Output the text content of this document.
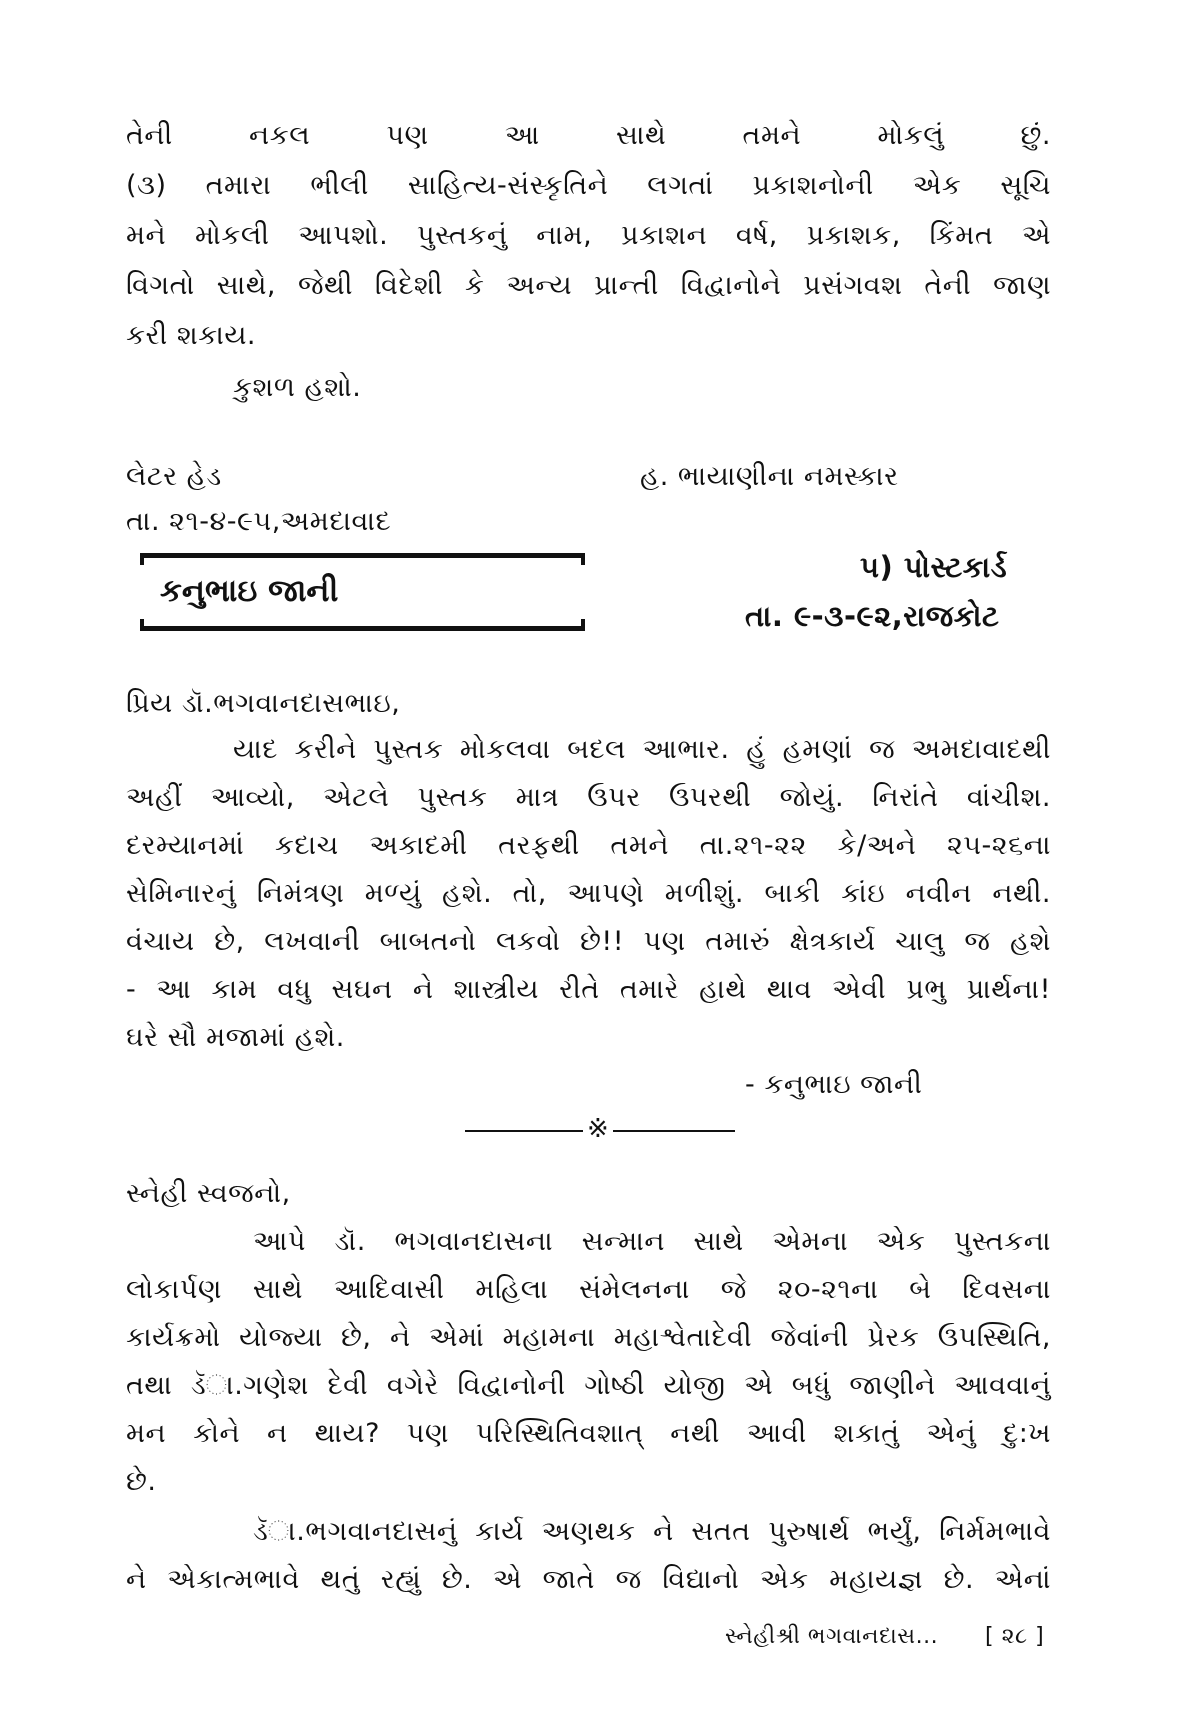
તેની નકલ પણ આ સાથે તમને મોકલું છું.
(૩) તમારા ભીલી સાહિત્ય-સંસ્કૃતિને લગતાં પ્રકાશનોની એક સૂચિ
મને મોકલી આપશો. પુસ્તકનું નામ, પ્રકાશન વર્ષ, પ્રકાશક, કિંમત એ
વિગતો સાથે, જેથી વિદેશી કે અન્ય પ્રાન્તી વિદ્વાનોને પ્રસંગવશ તેની જાણ
કરી શકાય.
કુશળ હશો.
લેટર હેડ	હ. ભાયાણીના નમસ્કાર
તા. ૨૧-૪-૯૫,અમદાવાદ
કનુભાઇ જાની
૫) પોસ્ટકાર્ડ
તા. ૯-૩-૯૨,રાજકોટ
પ્રિય ડૉ.ભગવાનદાસભાઇ,
યાદ કરીને પુસ્તક મોકલવા બદલ આભાર. હું હમણાં જ અમદાવાદથી
અહીં આવ્યો, એટલે પુસ્તક માત્ર ઉપર ઉપરથી જોયું. નિરાંતે વાંચીશ.
દરમ્યાનમાં કદાચ અકાદમી તરફથી તમને તા.૨૧-૨૨ કે/અને ૨૫-૨૬ના
સેમિનારનું નિમંત્રણ મળ્યું હશે. તો, આપણે મળીશું. બાકી કાંઇ નવીન નથી.
વંચાય છે, લખવાની બાબતનો લકવો છે!! પણ તમારું ક્ષેત્રકાર્ય ચાલુ જ હશે
- આ કામ વધુ સઘન ને શાસ્ત્રીય રીતે તમારે હાથે થાવ એવી પ્રભુ પ્રાર્થના!
ઘરે સૌ મજામાં હશે.
- કનુભાઇ જાની
※
સ્નેહી સ્વજનો,
આપે ડૉ. ભગવાનદાસના સન્માન સાથે એમના એક પુસ્તકના
લોકાર્પણ સાથે આદિવાસી મહિલા સંમેલનના જે ૨૦-૨૧ના બે દિવસના
કાર્યક્રમો યોજ્યા છે, ને એમાં મહામના મહાશ્વેતાદેવી જેવાંની પ્રેરક ઉપસ્થિતિ,
તથા ડૅા.ગણેશ દેવી વગેરે વિદ્વાનોની ગોષ્ઠી યોજી એ બધું જાણીને આવવાનું
મન કોને ન થાય? પણ પરિસ્થિતિવશાત્ નથી આવી શકાતું એનું દુ:ખ
છે.
ડૅા.ભગવાનદાસનું કાર્ય અણથક ને સતત પુરુષાર્થ ભર્યું, નિર્મમભાવે
ને એકાત્મભાવે થતું રહ્યું છે. એ જાતે જ વિદ્યાનો એક મહાયજ્ઞ છે. એનાં
સ્નેહીશ્રી ભગવાનદાસ... [ ૨૮ ]
